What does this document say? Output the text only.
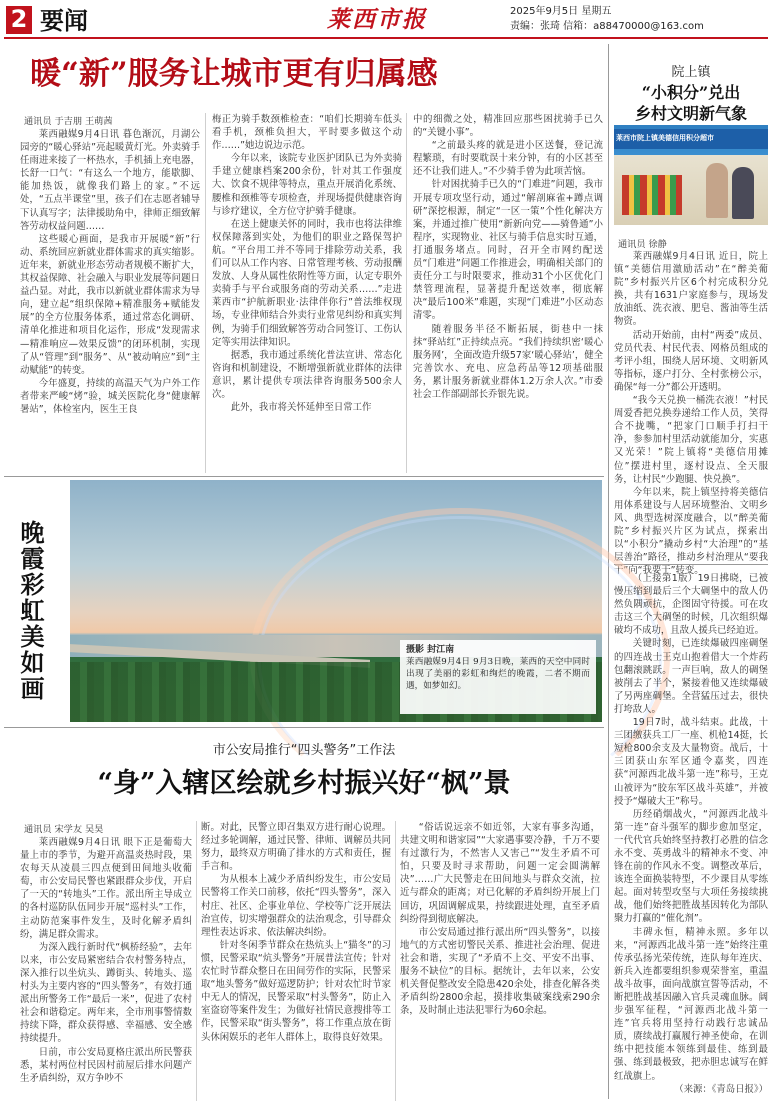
2 要闻	莱西市报	2025年9月5日 星期五
责编：张琦 信箱：a88470000@163.com
暖“新”服务让城市更有归属感
通讯员 于吉朋 王萌茜

莱西融媒9月4日讯 暮色渐沉，月湖公园旁的“暖心驿站”亮起暖黄灯光。外卖骑手任雨进来接了一杯热水，手机插上充电器，长舒一口气：“有这么一个地方，能歇脚、能加热饭，就像我们路上的家。”不远处，“五点半课堂”里，孩子们在志愿者辅导下认真写字；法律援助角中，律师正细致解答劳动权益问题……

这些暖心画面，是我市开展暖“新”行动、系统回应新就业群体需求的真实缩影。近年来，新就业形态劳动者规模不断扩大，其权益保障、社会融入与职业发展等问题日益凸显。对此，我市以新就业群体需求为导向，建立起“组织保障+精准服务+赋能发展”的全方位服务体系，通过常态化调研、清单化推进和项目化运作，形成“发现需求—精准响应—效果反馈”的闭环机制，实现了从“管理”到“服务”、从“被动响应”到“主动赋能”的转变。

今年盛夏，持续的高温天气为户外工作者带来严峻“烤”验，城关医院化身“健康解暑站”，体检室内，医生王良

梅正为骑手数颈椎检查：“咱们长期骑车低头看手机，颈椎负担大，平时要多做这个动作……”她边说边示范。

今年以来，该院专业医护团队已为外卖骑手建立健康档案200余份，针对其工作强度大、饮食不规律等特点，重点开展消化系统、腰椎和颈椎等专项检查，并现场提供健康咨询与诊疗建议，全方位守护骑手健康。

在送上健康关怀的同时，我市也将法律维权保障落到实处，为他们的职业之路保驾护航。“平台用工并不等同于排除劳动关系，我们可以从工作内容、日常管理考核、劳动报酬发放、人身从属性依附性等方面，认定专职外卖骑手与平台或服务商的劳动关系……”走进莱西市“护航新职业·法律伴你行”普法维权现场，专业律师结合外卖行业常见纠纷和真实判例，为骑手们细致解答劳动合同签订、工伤认定等实用法律知识。

据悉，我市通过系统化普法宣讲、常态化咨询和机制建设，不断增强新就业群体的法律意识，累计提供专项法律咨询服务500余人次。

此外，我市将关怀延伸至日常工作

中的细微之处，精准回应那些困扰骑手已久的“关键小事”。

“之前最头疼的就是进小区送餐，登记流程繁琐，有时要耽误十来分钟，有的小区甚至还不让我们进人。”不少骑手曾为此项苦恼。

针对困扰骑手已久的“门难进”问题，我市开展专项攻坚行动，通过“解剖麻雀+蹲点调研”深挖根源，制定“一区一策”个性化解决方案，并通过推广使用“新新向党——骑鲁通”小程序，实现物业、社区与骑手信息实时互通，打通服务堵点。同时，召开全市网约配送员“门难进”问题工作推进会，明确相关部门的责任分工与时限要求，推动31个小区优化门禁管理流程，显著提升配送效率，彻底解决“最后100米”难题，实现“门难进”小区动态清零。

随着服务半径不断拓展，街巷中一抹抹“驿站红”正持续点亮。“我们持续织密‘暖心服务网’，全面改造升级57家‘暖心驿站’，健全完善饮水、充电、应急药品等12项基础服务，累计服务新就业群体1.2万余人次。”市委社会工作部副部长乔银先说。

院上镇
“小积分”兑出
乡村文明新气象
莱西市院上镇美德信用积分超市
通讯员 徐静

莱西融媒9月4日讯 近日，院上镇“美德信用激励活动”在“醉美葡院”乡村振兴片区6个村完成积分兑换，共有1631户家庭参与，现场发放油纸、洗衣液、肥皂、酱油等生活物资。

活动开始前，由村“两委”成员、党员代表、村民代表、网格员组成的考评小组，围绕人居环境、文明新风等指标，逐户打分、全村张榜公示，确保“每一分”都公开透明。

“我今天兑换一桶洗衣液！”村民周爱香把兑换券递给工作人员，笑得合不拢嘴，“把家门口顺手打扫干净，参参加村里活动就能加分，实惠又光荣！”院上镇将“美德信用摊位”摆进村里，逐村设点、全天服务，让村民“少跑腿、快兑换”。

今年以来，院上镇坚持将美德信用体系建设与人居环境整治、文明乡风、典型选树深度融合，以“醉美葡院”乡村振兴片区为试点，探索出以“小积分”撬动乡村“大治理”的“基层善治”路径，推动乡村治理从“要我干”向“我要干”转变。

晚霞彩虹美如画	摄影 封江南
莱西融媒9月4日 9月3日晚，莱西的天空中同时出现了美丽的彩虹和绚烂的晚霞，二者不期而遇，如梦如幻。
市公安局推行“四头警务”工作法
“身”入辖区绘就乡村振兴好“枫”景
通讯员 宋学友 吴昊

莱西融媒9月4日讯 眼下正是葡萄大量上市的季节，为避开高温炎热时段，果农每天从凌晨三四点便到田间地头收葡萄，市公安局民警也紧跟群众步伐，开启了一天的“转地头”工作。派出所主导成立的各村巡防队伍同步开展“巡村头”工作，主动防范案事件发生，及时化解矛盾纠纷，满足群众需求。

为深入践行新时代“枫桥经验”，去年以来，市公安局紧密结合农村警务特点，深入推行以坐炕头、蹲街头、转地头、巡村头为主要内容的“四头警务”，有效打通派出所警务工作“最后一米”，促进了农村社会和谐稳定。两年来，全市刑事警情数持续下降，群众获得感、幸福感、安全感持续提升。

日前，市公安局夏格庄派出所民警获悉，某村两位村民因村前屋后排水问题产生矛盾纠纷，双方争吵不

断。对此，民警立即召集双方进行耐心说理。经过多轮调解，通过民警、律师、调解员共同努力，最终双方明确了排水的方式和责任，握手言和。

为从根本上减少矛盾纠纷发生，市公安局民警将工作关口前移，依托“四头警务”，深入村庄、社区、企事业单位、学校等广泛开展法治宣传，切实增强群众的法治观念，引导群众理性表达诉求、依法解决纠纷。

针对冬闲季节群众在热炕头上“猫冬”的习惯，民警采取“炕头警务”开展普法宣传；针对农忙时节群众整日在田间劳作的实际，民警采取“地头警务”做好巡逻防护；针对农忙时节家中无人的情况，民警采取“村头警务”，防止入室盗窃等案件发生；为做好社情民意搜排等工作，民警采取“街头警务”，将工作重点放在街头休闲娱乐的老年人群体上，取得良好效果。

“俗话说远亲不如近邻，大家有事多沟通，共建文明和谐家园”“大家遇事要冷静，千万不要有过激行为，不然害人又害己”“发生矛盾不可怕，只要及时寻求帮助，问题一定会圆满解决”……广大民警走在田间地头与群众交流，拉近与群众的距离；对已化解的矛盾纠纷开展上门回访，巩固调解成果，持续跟进处理，直至矛盾纠纷得到彻底解决。

市公安局通过推行派出所“四头警务”，以接地气的方式密切警民关系、推进社会治理、促进社会和谐，实现了“矛盾不上交、平安不出事、服务不缺位”的目标。据统计，去年以来，公安机关督促整改安全隐患420余处，排查化解各类矛盾纠纷2800余起，摸排收集破案线索290余条，及时制止违法犯罪行为60余起。

（上接第1版）19日拂晓，已被慢压缩到最后三个大碉堡中的敌人仍然负隅顽抗，企图固守待援。可在攻击这三个大碉堡的时候，几次组织爆破均不成功，且敌人援兵已经迫近。

关键时刻，已连续爆破四座碉堡的四连战士王克山抱着借大一个炸药包翻滚跳跃。一声巨响，敌人的碉堡被削去了半个，紧接着他又连续爆破了另两座碉堡。全营猛压过去，很快打垮敌人。

19日7时，战斗结束。此战，十三团缴获兵工厂一座、机枪14挺，长短枪800余支及大量物资。战后，十三团获山东军区通令嘉奖，四连获“河源西北战斗第一连”称号，王克山被评为“胶东军区战斗英雄”，并被授予“爆破大王”称号。

历经硝烟战火，“河源西北战斗第一连”奋斗强军的脚步愈加坚定，一代代官兵始终坚持教打必胜的信念永不变、英勇战斗的精神永不变、冲锋在前的作风永不变。调整改革后，该连全面换装特型，不少课目从零练起。面对转型攻坚与大项任务接续挑战，他们始终把胜战基因转化为部队聚力打赢的“催化剂”。

丰碑永恒，精神永照。多年以来，“河源西北战斗第一连”始终注重传承弘扬光荣传统，连队每年连庆、新兵入连都要组织参观荣誉室，重温战斗故事，面向战旗宣誓等活动，不断把胜战基因融入官兵灵魂血脉。阔步强军征程，“河源西北战斗第一连”官兵将用坚持行动践行忠诚品质，赓续战打赢履行神圣使命，在训练中把技能本领练到最佳、练到最强、练到最极致，把赤胆忠诚写在鲜红战旗上。

（来源：《青岛日报》）
